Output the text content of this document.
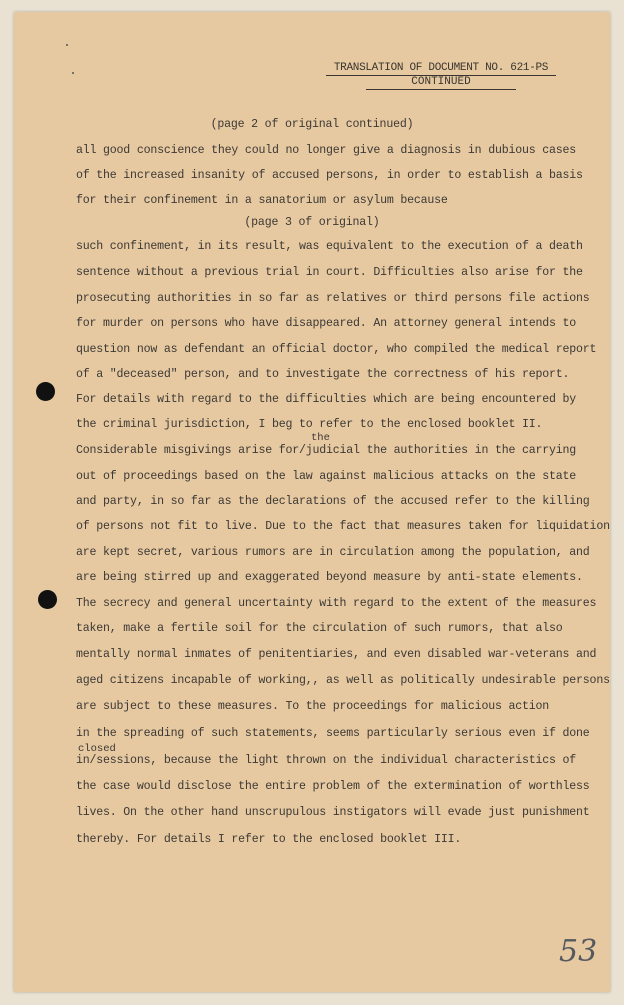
TRANSLATION OF DOCUMENT NO. 621-PS
CONTINUED
(page 2 of original continued)
all good conscience they could no longer give a diagnosis in dubious cases
of the increased insanity of accused persons, in order to establish a basis
for their confinement in a sanatorium or asylum because
(page 3 of original)
such confinement, in its result, was equivalent to the execution of a death
sentence without a previous trial in court. Difficulties also arise for the
prosecuting authorities in so far as relatives or third persons file actions
for murder on persons who have disappeared. An attorney general intends to
question now as defendant an official doctor, who compiled the medical report
of a "deceased" person, and to investigate the correctness of his report.
For details with regard to the difficulties which are being encountered by
the criminal jurisdiction, I beg to refer to the enclosed booklet II.
the
Considerable misgivings arise for/judicial the authorities in the carrying
out of proceedings based on the law against malicious attacks on the state
and party, in so far as the declarations of the accused refer to the killing
of persons not fit to live. Due to the fact that measures taken for liquidation
are kept secret, various rumors are in circulation among the population, and
are being stirred up and exaggerated beyond measure by anti-state elements.
The secrecy and general uncertainty with regard to the extent of the measures
taken, make a fertile soil for the circulation of such rumors, that also
mentally normal inmates of penitentiaries, and even disabled war-veterans and
aged citizens incapable of working,, as well as politically undesirable persons
are subject to these measures. To the proceedings for malicious action
in the spreading of such statements, seems particularly serious even if done
closed
in/sessions, because the light thrown on the individual characteristics of
the case would disclose the entire problem of the extermination of worthless
lives. On the other hand unscrupulous instigators will evade just punishment
thereby. For details I refer to the enclosed booklet III.
53
